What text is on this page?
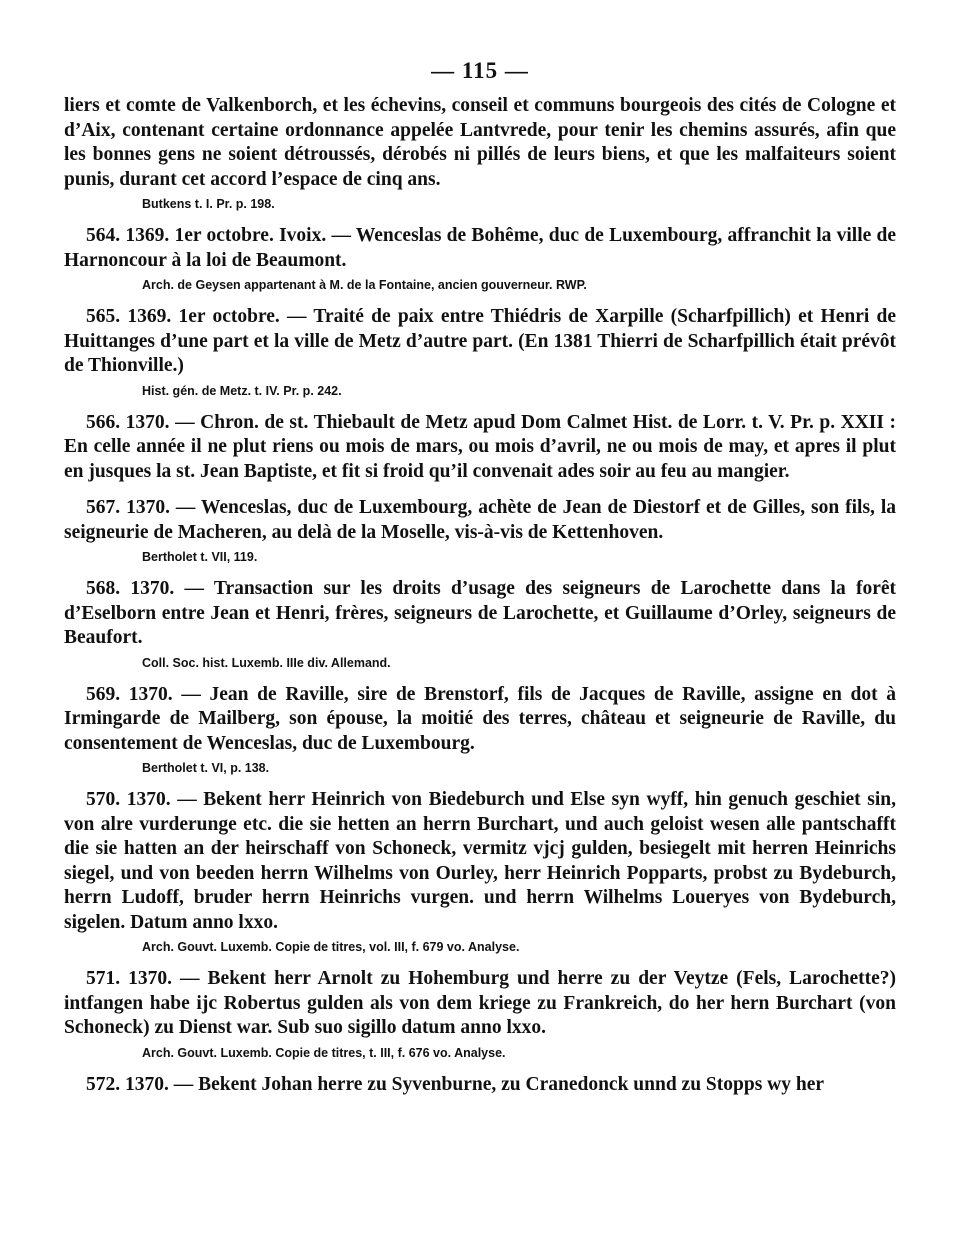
— 115 —

liers et comte de Valkenborch, et les échevins, conseil et communs bourgeois des cités de Cologne et d’Aix, contenant certaine ordonnance appelée Lantvrede, pour tenir les chemins assurés, afin que les bonnes gens ne soient détroussés, dérobés ni pillés de leurs biens, et que les malfaiteurs soient punis, durant cet accord l’espace de cinq ans.

Butkens t. I. Pr. p. 198.

564. 1369. 1er octobre. Ivoix. — Wenceslas de Bohême, duc de Luxembourg, affranchit la ville de Harnoncour à la loi de Beaumont.

Arch. de Geysen appartenant à M. de la Fontaine, ancien gouverneur. RWP.

565. 1369. 1er octobre. — Traité de paix entre Thiédris de Xarpille (Scharfpillich) et Henri de Huittanges d’une part et la ville de Metz d’autre part. (En 1381 Thierri de Scharfpillich était prévôt de Thionville.)

Hist. gén. de Metz. t. IV. Pr. p. 242.

566. 1370. — Chron. de st. Thiebault de Metz apud Dom Calmet Hist. de Lorr. t. V. Pr. p. XXII : En celle année il ne plut riens ou mois de mars, ou mois d’avril, ne ou mois de may, et apres il plut en jusques la st. Jean Baptiste, et fit si froid qu’il convenait ades soir au feu au mangier.

567. 1370. — Wenceslas, duc de Luxembourg, achète de Jean de Diestorf et de Gilles, son fils, la seigneurie de Macheren, au delà de la Moselle, vis-à-vis de Kettenhoven.

Bertholet t. VII, 119.

568. 1370. — Transaction sur les droits d’usage des seigneurs de Larochette dans la forêt d’Eselborn entre Jean et Henri, frères, seigneurs de Larochette, et Guillaume d’Orley, seigneurs de Beaufort.

Coll. Soc. hist. Luxemb. IIIe div. Allemand.

569. 1370. — Jean de Raville, sire de Brenstorf, fils de Jacques de Raville, assigne en dot à Irmingarde de Mailberg, son épouse, la moitié des terres, château et seigneurie de Raville, du consentement de Wenceslas, duc de Luxembourg.

Bertholet t. VI, p. 138.

570. 1370. — Bekent herr Heinrich von Biedeburch und Else syn wyff, hin genuch geschiet sin, von alre vurderunge etc. die sie hetten an herrn Burchart, und auch geloist wesen alle pantschafft die sie hatten an der heirschaff von Schoneck, vermitz vjcj gulden, besiegelt mit herren Heinrichs siegel, und von beeden herrn Wilhelms von Ourley, herr Heinrich Popparts, probst zu Bydeburch, herrn Ludoff, bruder herrn Heinrichs vurgen. und herrn Wilhelms Loueryes von Bydeburch, sigelen. Datum anno lxxo.

Arch. Gouvt. Luxemb. Copie de titres, vol. III, f. 679 vo. Analyse.

571. 1370. — Bekent herr Arnolt zu Hohemburg und herre zu der Veytze (Fels, Larochette?) intfangen habe ijc Robertus gulden als von dem kriege zu Frankreich, do her hern Burchart (von Schoneck) zu Dienst war. Sub suo sigillo datum anno lxxo.

Arch. Gouvt. Luxemb. Copie de titres, t. III, f. 676 vo. Analyse.

572. 1370. — Bekent Johan herre zu Syvenburne, zu Cranedonck unnd zu Stopps wy her
